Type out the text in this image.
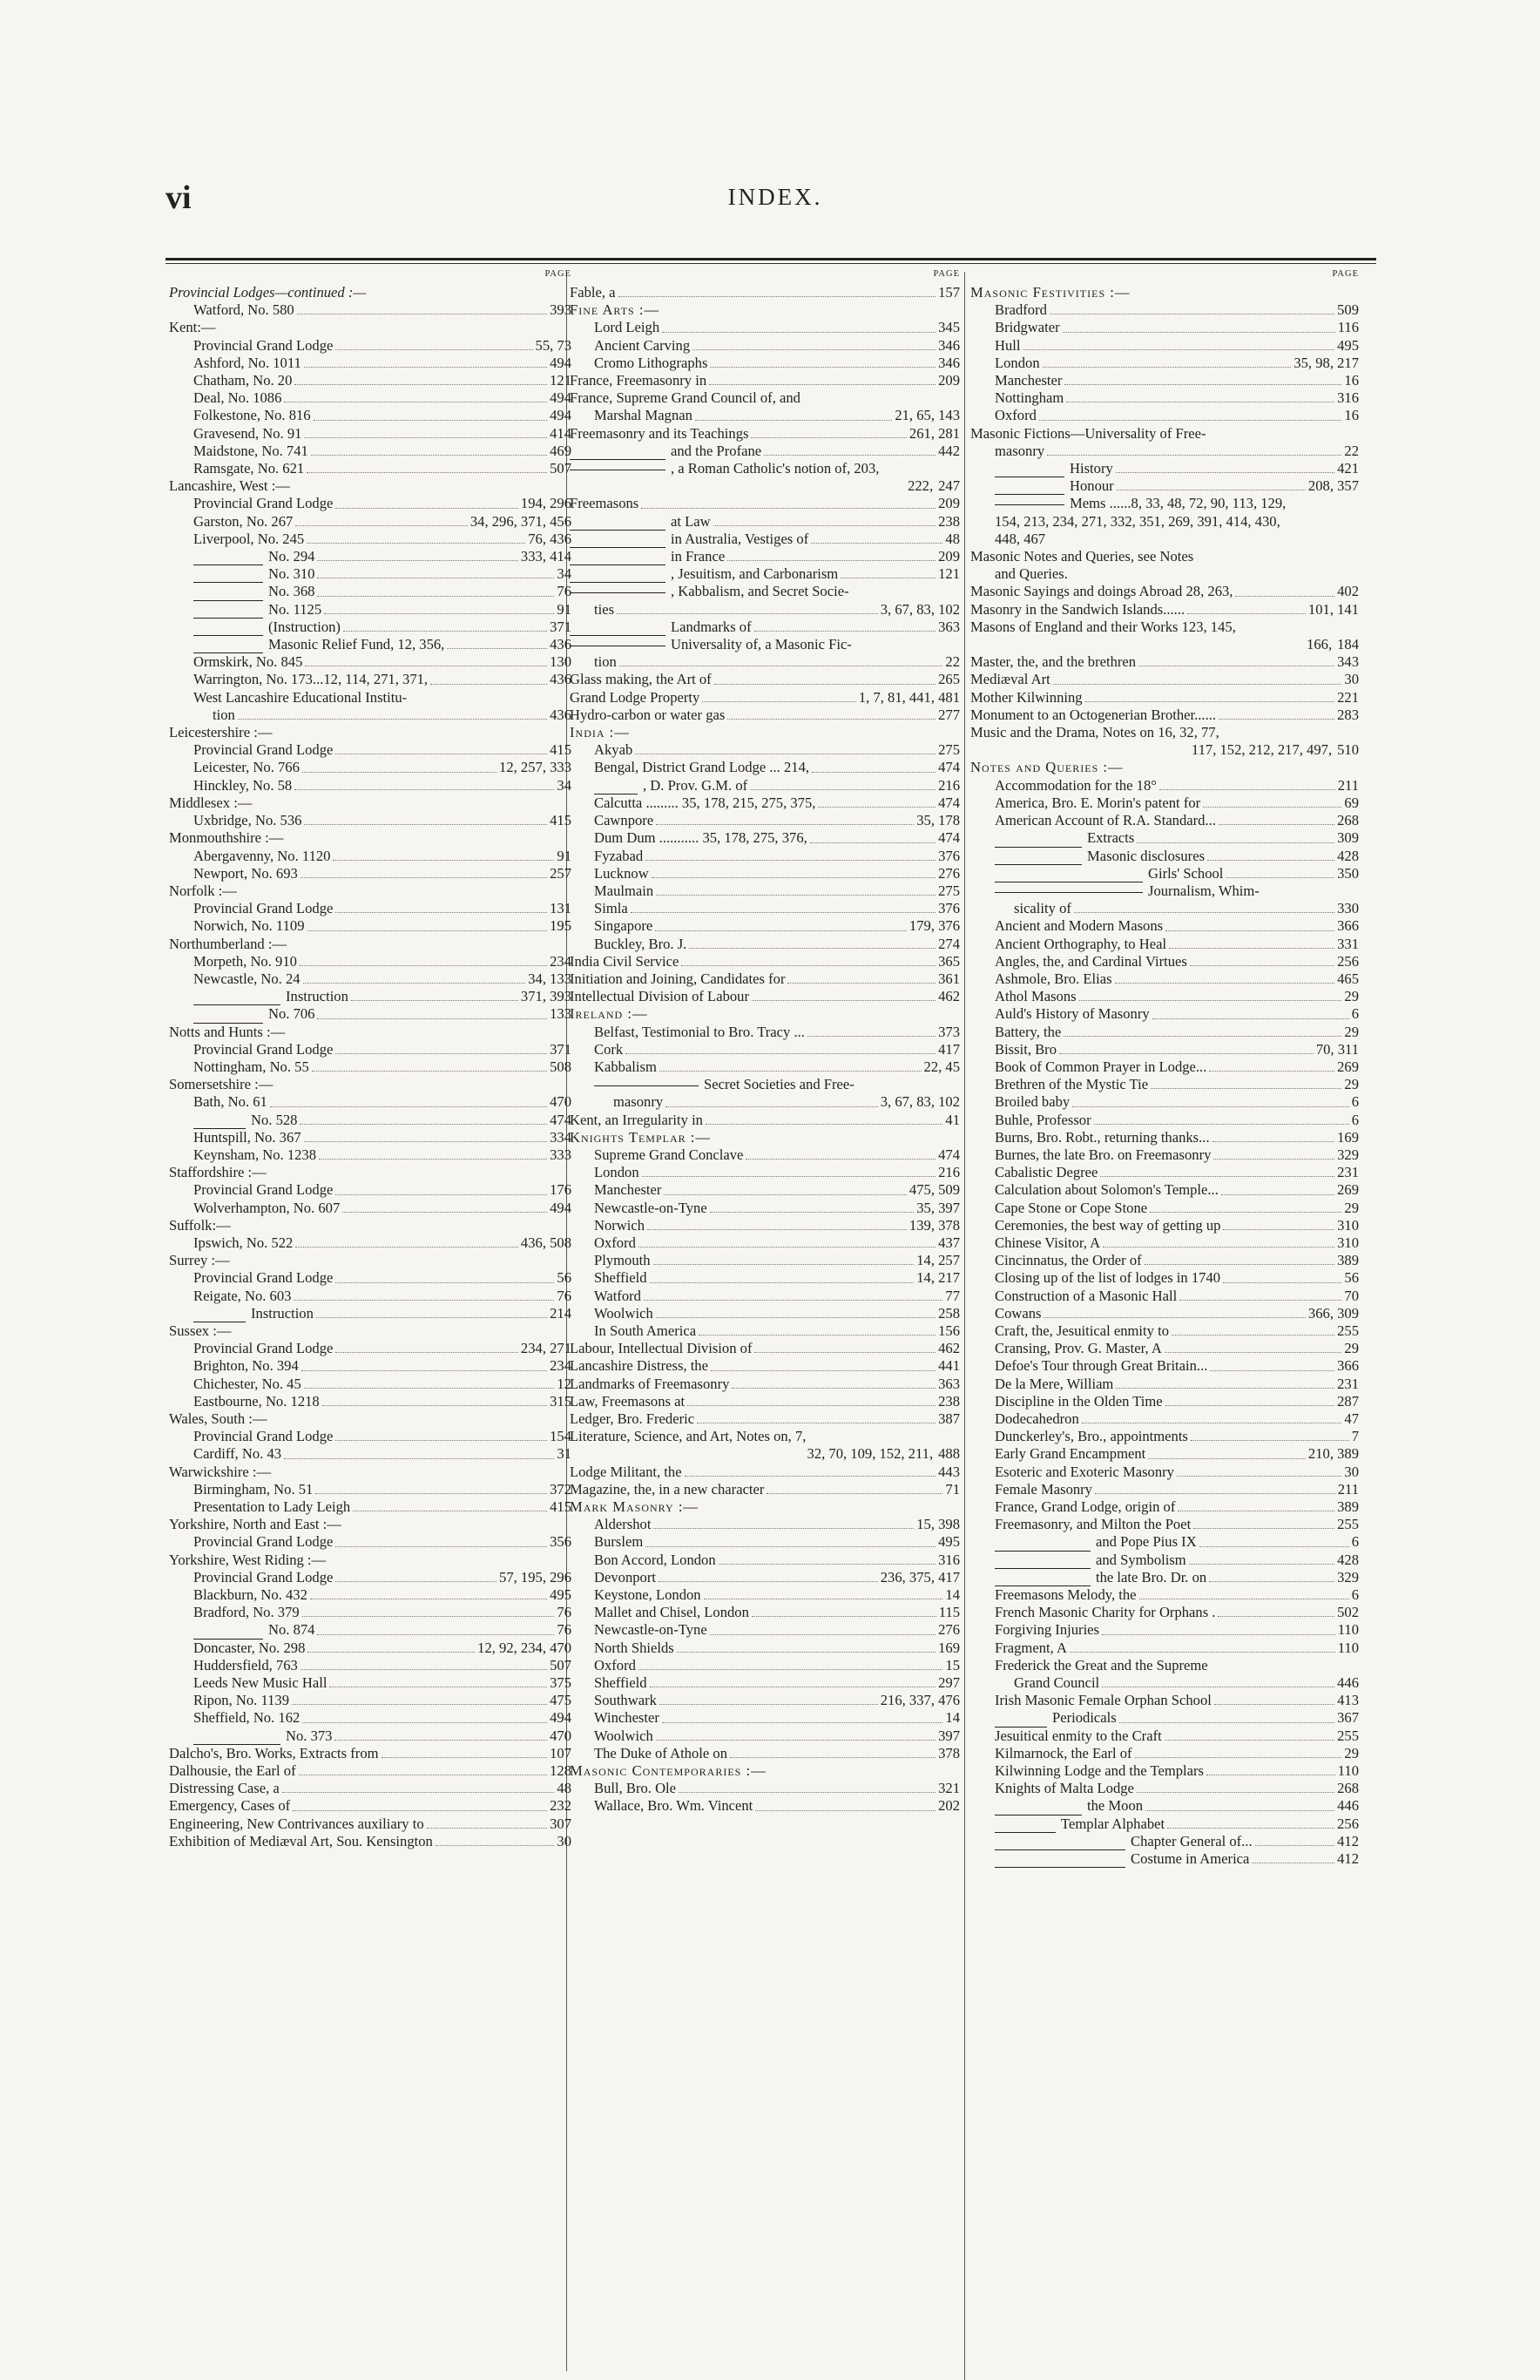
vi	INDEX.
PAGE
Provincial Lodges—continued :—
Watford, No. 580	393
Kent:—
Provincial Grand Lodge	55, 73
Ashford, No. 1011	494
Chatham, No. 20	121
Deal, No. 1086	494
Folkestone, No. 816	494
Gravesend, No. 91	414
Maidstone, No. 741	469
Ramsgate, No. 621	507
Lancashire, West :—
Provincial Grand Lodge	194, 296
Garston, No. 267	34, 296, 371, 456
Liverpool, No. 245	76, 436
No. 294	333, 414
No. 310	34
No. 368	76
No. 1125	91
(Instruction)	371
Masonic Relief Fund, 12, 356,	436
Ormskirk, No. 845	130
Warrington, No. 173...12, 114, 271, 371,	436
West Lancashire Educational Institu-
tion	436
Leicestershire :—
Provincial Grand Lodge	415
Leicester, No. 766	12, 257, 333
Hinckley, No. 58	34
Middlesex :—
Uxbridge, No. 536	415
Monmouthshire :—
Abergavenny, No. 1120	91
Newport, No. 693	257
Norfolk :—
Provincial Grand Lodge	131
Norwich, No. 1109	195
Northumberland :—
Morpeth, No. 910	234
Newcastle, No. 24	34, 133
Instruction	371, 393
No. 706	133
Notts and Hunts :—
Provincial Grand Lodge	371
Nottingham, No. 55	508
Somersetshire :—
Bath, No. 61	470
No. 528	474
Huntspill, No. 367	334
Keynsham, No. 1238	333
Staffordshire :—
Provincial Grand Lodge	176
Wolverhampton, No. 607	494
Suffolk:—
Ipswich, No. 522	436, 508
Surrey :—
Provincial Grand Lodge	56
Reigate, No. 603	76
Instruction	214
Sussex :—
Provincial Grand Lodge	234, 271
Brighton, No. 394	234
Chichester, No. 45	12
Eastbourne, No. 1218	315
Wales, South :—
Provincial Grand Lodge	154
Cardiff, No. 43	31
Warwickshire :—
Birmingham, No. 51	372
Presentation to Lady Leigh	415
Yorkshire, North and East :—
Provincial Grand Lodge	356
Yorkshire, West Riding :—
Provincial Grand Lodge	57, 195, 296
Blackburn, No. 432	495
Bradford, No. 379	76
No. 874	76
Doncaster, No. 298	12, 92, 234, 470
Huddersfield, 763	507
Leeds New Music Hall	375
Ripon, No. 1139	475
Sheffield, No. 162	494
No. 373	470
Dalcho's, Bro. Works, Extracts from	107
Dalhousie, the Earl of	128
Distressing Case, a	48
Emergency, Cases of	232
Engineering, New Contrivances auxiliary to	307
Exhibition of Mediæval Art, Sou. Kensington	30
PAGE
Fable, a	157
Fine Arts :—
Lord Leigh	345
Ancient Carving	346
Cromo Lithographs	346
France, Freemasonry in	209
France, Supreme Grand Council of, and
Marshal Magnan	21, 65, 143
Freemasonry and its Teachings	261, 281
and the Profane	442
, a Roman Catholic's notion of, 203,
222, 247
Freemasons	209
at Law	238
in Australia, Vestiges of	48
in France	209
, Jesuitism, and Carbonarism	121
, Kabbalism, and Secret Socie-
ties	3, 67, 83, 102
Landmarks of	363
Universality of, a Masonic Fic-
tion	22
Glass making, the Art of	265
Grand Lodge Property	1, 7, 81, 441, 481
Hydro-carbon or water gas	277
India :—
Akyab	275
Bengal, District Grand Lodge ... 214,	474
, D. Prov. G.M. of	216
Calcutta ......... 35, 178, 215, 275, 375,	474
Cawnpore	35, 178
Dum Dum ........... 35, 178, 275, 376,	474
Fyzabad	376
Lucknow	276
Maulmain	275
Simla	376
Singapore	179, 376
Buckley, Bro. J.	274
India Civil Service	365
Initiation and Joining, Candidates for	361
Intellectual Division of Labour	462
Ireland :—
Belfast, Testimonial to Bro. Tracy ...	373
Cork	417
Kabbalism	22, 45
Secret Societies and Free-
masonry	3, 67, 83, 102
Kent, an Irregularity in	41
Knights Templar :—
Supreme Grand Conclave	474
London	216
Manchester	475, 509
Newcastle-on-Tyne	35, 397
Norwich	139, 378
Oxford	437
Plymouth	14, 257
Sheffield	14, 217
Watford	77
Woolwich	258
In South America	156
Labour, Intellectual Division of	462
Lancashire Distress, the	441
Landmarks of Freemasonry	363
Law, Freemasons at	238
Ledger, Bro. Frederic	387
Literature, Science, and Art, Notes on, 7,
32, 70, 109, 152, 211, 488
Lodge Militant, the	443
Magazine, the, in a new character	71
Mark Masonry :—
Aldershot	15, 398
Burslem	495
Bon Accord, London	316
Devonport	236, 375, 417
Keystone, London	14
Mallet and Chisel, London	115
Newcastle-on-Tyne	276
North Shields	169
Oxford	15
Sheffield	297
Southwark	216, 337, 476
Winchester	14
Woolwich	397
The Duke of Athole on	378
Masonic Contemporaries :—
Bull, Bro. Ole	321
Wallace, Bro. Wm. Vincent	202
PAGE
Masonic Festivities :—
Bradford	509
Bridgwater	116
Hull	495
London	35, 98, 217
Manchester	16
Nottingham	316
Oxford	16
Masonic Fictions—Universality of Free-
masonry	22
History	421
Honour	208, 357
Mems ......8, 33, 48, 72, 90, 113, 129,
154, 213, 234, 271, 332, 351, 269, 391, 414, 430,
448, 467
Masonic Notes and Queries, see Notes
and Queries.
Masonic Sayings and doings Abroad 28, 263,	402
Masonry in the Sandwich Islands......	101, 141
Masons of England and their Works 123, 145,
166, 184
Master, the, and the brethren	343
Mediæval Art	30
Mother Kilwinning	221
Monument to an Octogenerian Brother......	283
Music and the Drama, Notes on 16, 32, 77,
117, 152, 212, 217, 497, 510
Notes and Queries :—
Accommodation for the 18°	211
America, Bro. E. Morin's patent for	69
American Account of R.A. Standard...	268
Extracts	309
Masonic disclosures	428
Girls' School	350
Journalism, Whim-
sicality of	330
Ancient and Modern Masons	366
Ancient Orthography, to Heal	331
Angles, the, and Cardinal Virtues	256
Ashmole, Bro. Elias	465
Athol Masons	29
Auld's History of Masonry	6
Battery, the	29
Bissit, Bro	70, 311
Book of Common Prayer in Lodge...	269
Brethren of the Mystic Tie	29
Broiled baby	6
Buhle, Professor	6
Burns, Bro. Robt., returning thanks...	169
Burnes, the late Bro. on Freemasonry	329
Cabalistic Degree	231
Calculation about Solomon's Temple...	269
Cape Stone or Cope Stone	29
Ceremonies, the best way of getting up	310
Chinese Visitor, A	310
Cincinnatus, the Order of	389
Closing up of the list of lodges in 1740	56
Construction of a Masonic Hall	70
Cowans	366, 309
Craft, the, Jesuitical enmity to	255
Cransing, Prov. G. Master, A	29
Defoe's Tour through Great Britain...	366
De la Mere, William	231
Discipline in the Olden Time	287
Dodecahedron	47
Dunckerley's, Bro., appointments	7
Early Grand Encampment	210, 389
Esoteric and Exoteric Masonry	30
Female Masonry	211
France, Grand Lodge, origin of	389
Freemasonry, and Milton the Poet	255
and Pope Pius IX	6
and Symbolism	428
the late Bro. Dr. on	329
Freemasons Melody, the	6
French Masonic Charity for Orphans .	502
Forgiving Injuries	110
Fragment, A	110
Frederick the Great and the Supreme
Grand Council	446
Irish Masonic Female Orphan School	413
Periodicals	367
Jesuitical enmity to the Craft	255
Kilmarnock, the Earl of	29
Kilwinning Lodge and the Templars	110
Knights of Malta Lodge	268
the Moon	446
Templar Alphabet	256
Chapter General of...	412
Costume in America	412
